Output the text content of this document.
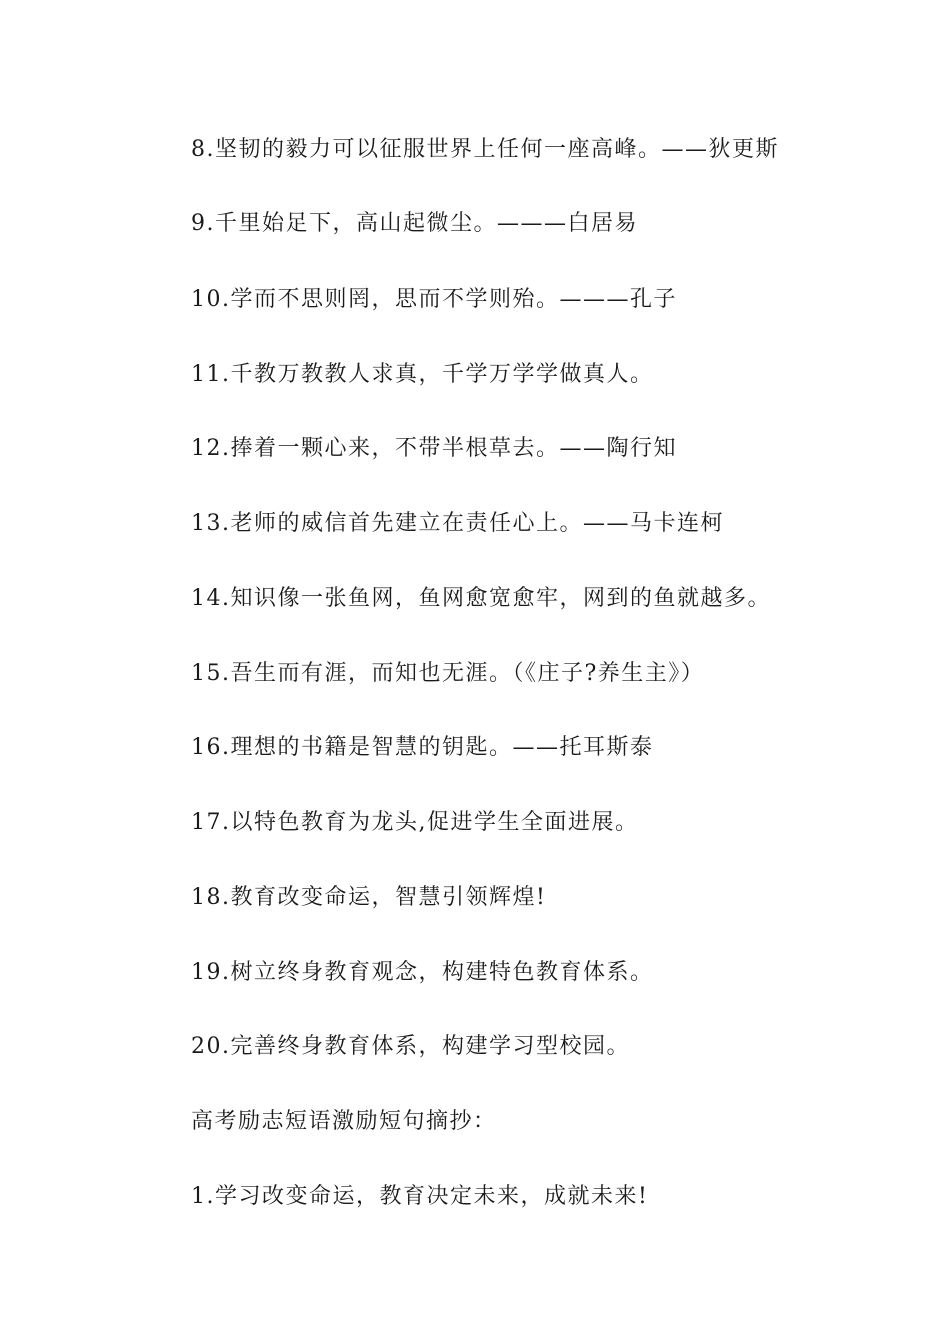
8.坚韧的毅力可以征服世界上任何一座高峰。——狄更斯
9.千里始足下，高山起微尘。———白居易
10.学而不思则罔，思而不学则殆。———孔子
11.千教万教教人求真，千学万学学做真人。
12.捧着一颗心来，不带半根草去。——陶行知
13.老师的威信首先建立在责任心上。——马卡连柯
14.知识像一张鱼网，鱼网愈宽愈牢，网到的鱼就越多。
15.吾生而有涯，而知也无涯。（《庄子?养生主》）
16.理想的书籍是智慧的钥匙。——托耳斯泰
17.以特色教育为龙头,促进学生全面进展。
18.教育改变命运，智慧引领辉煌!
19.树立终身教育观念，构建特色教育体系。
20.完善终身教育体系，构建学习型校园。
高考励志短语激励短句摘抄：
1.学习改变命运，教育决定未来，成就未来!
